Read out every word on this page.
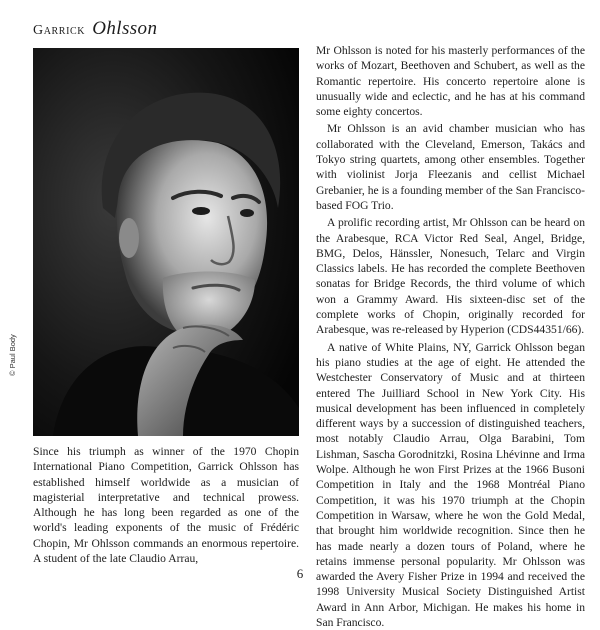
Garrick Ohlsson
© Paul Body

Since his triumph as winner of the 1970 Chopin International Piano Competition, Garrick Ohlsson has established himself worldwide as a musician of magisterial interpretative and technical prowess. Although he has long been regarded as one of the world's leading exponents of the music of Frédéric Chopin, Mr Ohlsson commands an enormous repertoire. A student of the late Claudio Arrau,

Mr Ohlsson is noted for his masterly performances of the works of Mozart, Beethoven and Schubert, as well as the Romantic repertoire. His concerto repertoire alone is unusually wide and eclectic, and he has at his command some eighty concertos.

Mr Ohlsson is an avid chamber musician who has collaborated with the Cleveland, Emerson, Takács and Tokyo string quartets, among other ensembles. Together with violinist Jorja Fleezanis and cellist Michael Grebanier, he is a founding member of the San Francisco-based FOG Trio.

A prolific recording artist, Mr Ohlsson can be heard on the Arabesque, RCA Victor Red Seal, Angel, Bridge, BMG, Delos, Hänssler, Nonesuch, Telarc and Virgin Classics labels. He has recorded the complete Beethoven sonatas for Bridge Records, the third volume of which won a Grammy Award. His sixteen-disc set of the complete works of Chopin, originally recorded for Arabesque, was re-released by Hyperion (CDS44351/66).

A native of White Plains, NY, Garrick Ohlsson began his piano studies at the age of eight. He attended the Westchester Conservatory of Music and at thirteen entered The Juilliard School in New York City. His musical development has been influenced in completely different ways by a succession of distinguished teachers, most notably Claudio Arrau, Olga Barabini, Tom Lishman, Sascha Gorodnitzki, Rosina Lhévinne and Irma Wolpe. Although he won First Prizes at the 1966 Busoni Competition in Italy and the 1968 Montréal Piano Competition, it was his 1970 triumph at the Chopin Competition in Warsaw, where he won the Gold Medal, that brought him worldwide recognition. Since then he has made nearly a dozen tours of Poland, where he retains immense personal popularity. Mr Ohlsson was awarded the Avery Fisher Prize in 1994 and received the 1998 University Musical Society Distinguished Artist Award in Ann Arbor, Michigan. He makes his home in San Francisco.

6
